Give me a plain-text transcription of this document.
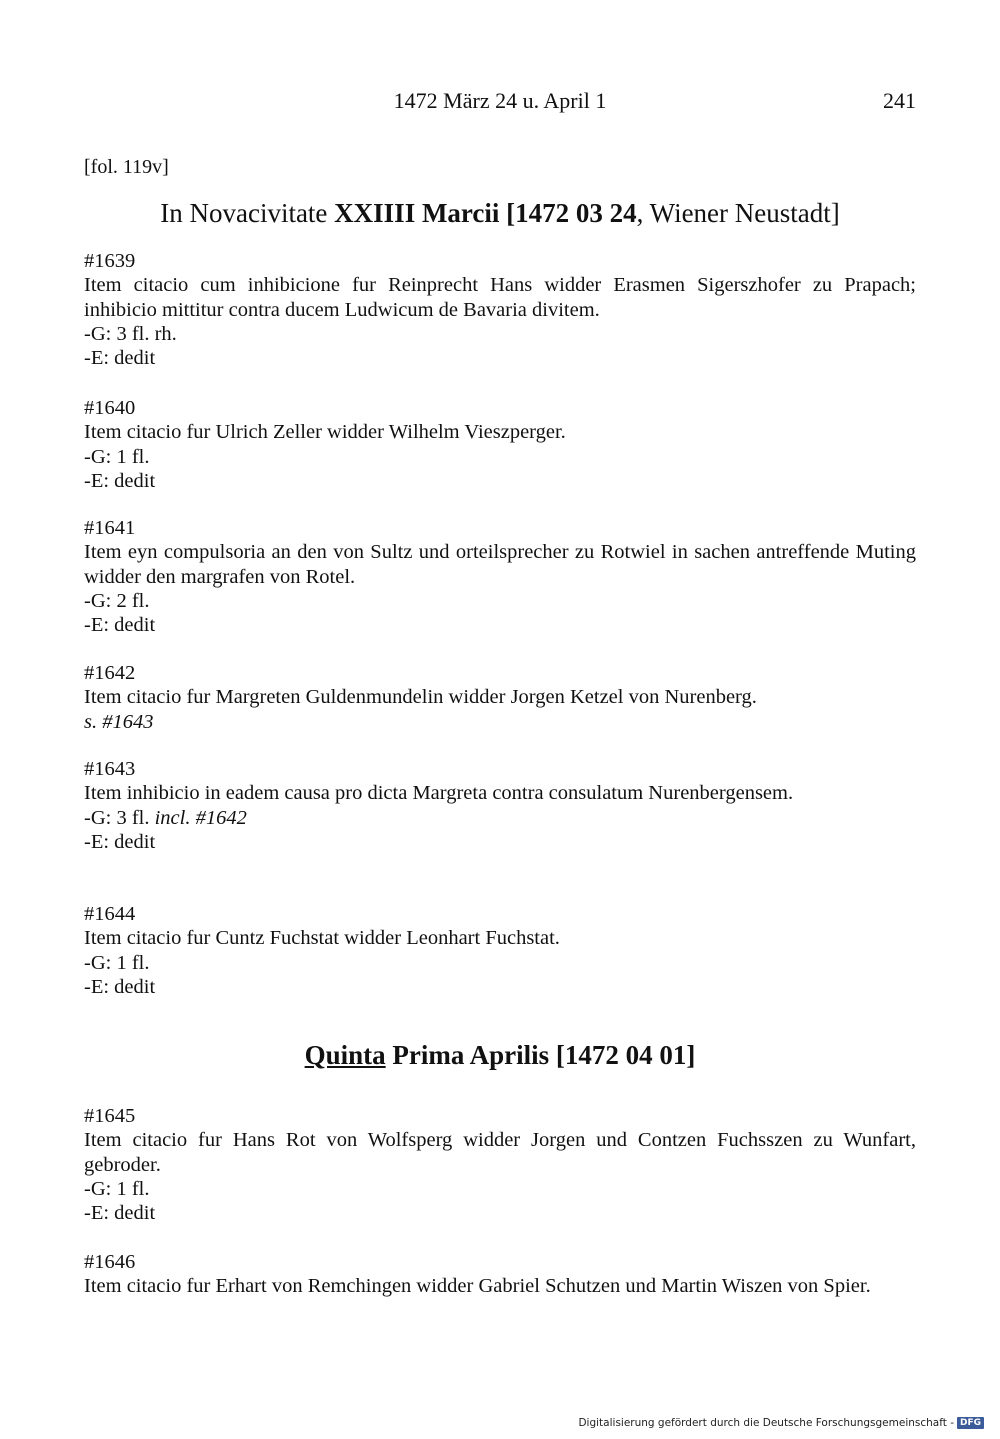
1472 März 24 u. April 1	241
[fol. 119v]
In Novacivitate XXIIII Marcii [1472 03 24, Wiener Neustadt]

#1639

Item citacio cum inhibicione fur Reinprecht Hans widder Erasmen Sigerszhofer zu Prapach; inhibicio mittitur contra ducem Ludwicum de Bavaria divitem.

-G: 3 fl. rh.

-E: dedit

#1640

Item citacio fur Ulrich Zeller widder Wilhelm Vieszperger.

-G: 1 fl.

-E: dedit

#1641

Item eyn compulsoria an den von Sultz und orteilsprecher zu Rotwiel in sachen antreffende Muting widder den margrafen von Rotel.

-G: 2 fl.

-E: dedit

#1642

Item citacio fur Margreten Guldenmundelin widder Jorgen Ketzel von Nurenberg.

s. #1643

#1643

Item inhibicio in eadem causa pro dicta Margreta contra consulatum Nurenbergensem.

-G: 3 fl. incl. #1642

-E: dedit

#1644

Item citacio fur Cuntz Fuchstat widder Leonhart Fuchstat.

-G: 1 fl.

-E: dedit

Quinta Prima Aprilis [1472 04 01]

#1645

Item citacio fur Hans Rot von Wolfsperg widder Jorgen und Contzen Fuchsszen zu Wunfart, gebroder.

-G: 1 fl.

-E: dedit

#1646

Item citacio fur Erhart von Remchingen widder Gabriel Schutzen und Martin Wiszen von Spier.

Digitalisierung gefördert durch die Deutsche Forschungsgemeinschaft - DFG
